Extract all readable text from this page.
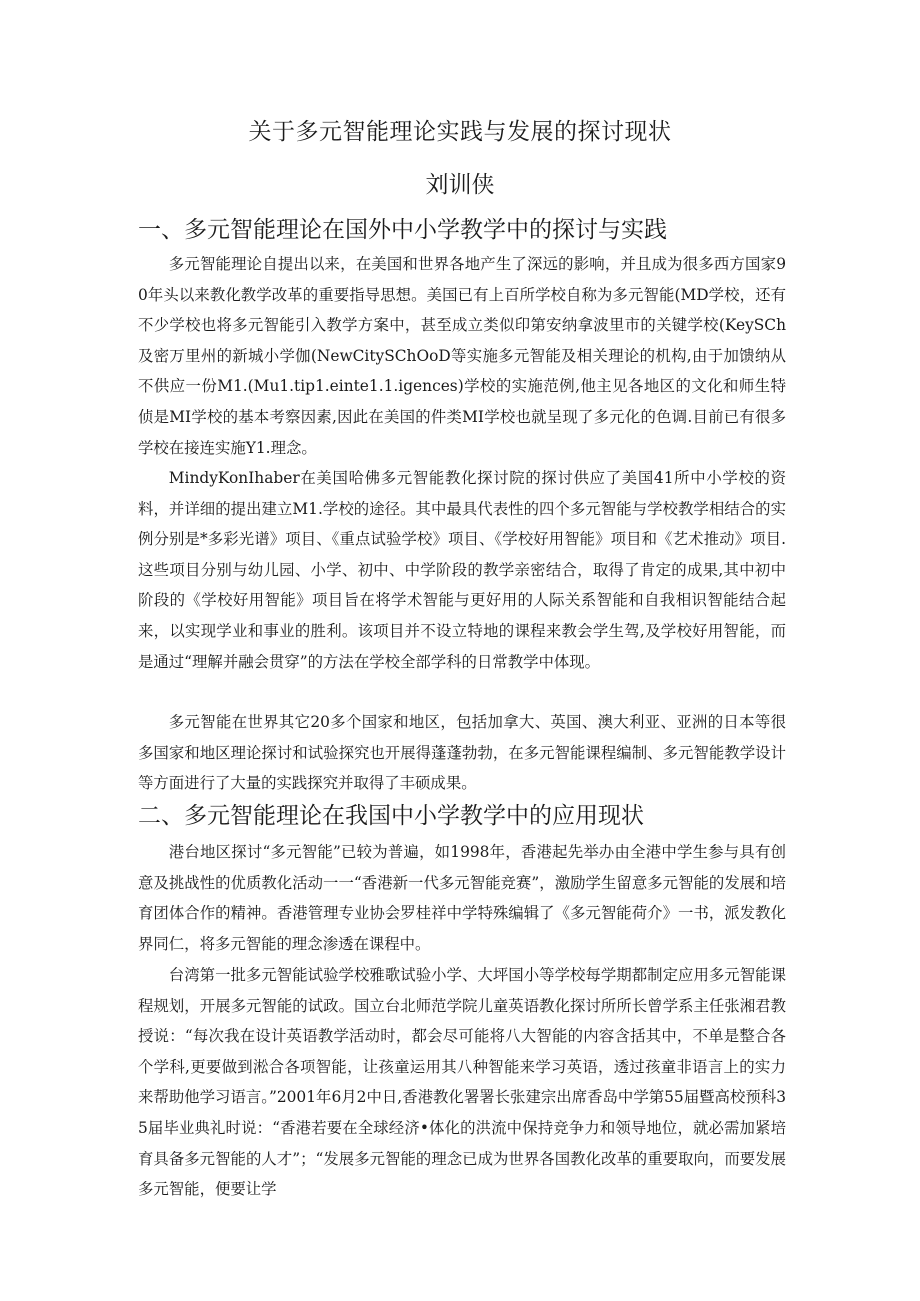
关于多元智能理论实践与发展的探讨现状
刘训侠
一、多元智能理论在国外中小学教学中的探讨与实践

多元智能理论自提出以来，在美国和世界各地产生了深远的影响，并且成为很多西方国家90年头以来教化教学改革的重要指导思想。美国已有上百所学校自称为多元智能(MD学校，还有不少学校也将多元智能引入教学方案中，甚至成立类似印第安纳拿波里市的关键学校(KeySCh及密万里州的新城小学伽(NewCitySChOoD等实施多元智能及相关理论的机构,由于加馈纳从不供应一份M1.(Mu1.tip1.einte1.1.igences)学校的实施范例,他主见各地区的文化和师生特侦是MI学校的基本考察因素,因此在美国的件类MI学校也就呈现了多元化的色调.目前已有很多学校在接连实施Y1.理念。

MindyKonIhaber在美国哈佛多元智能教化探讨院的探讨供应了美国41所中小学校的资料，并详细的提出建立M1.学校的途径。其中最具代表性的四个多元智能与学校教学相结合的实例分别是*多彩光谱》项目、《重点试验学校》项目、《学校好用智能》项目和《艺术推动》项目.这些项目分别与幼儿园、小学、初中、中学阶段的教学亲密结合，取得了肯定的成果,其中初中阶段的《学校好用智能》项目旨在将学术智能与更好用的人际关系智能和自我相识智能结合起来，以实现学业和事业的胜利。该项目并不设立特地的课程来教会学生驾,及学校好用智能，而是通过“理解并融会贯穿”的方法在学校全部学科的日常教学中体现。

多元智能在世界其它20多个国家和地区，包括加拿大、英国、澳大利亚、亚洲的日本等很多国家和地区理论探讨和试验探究也开展得蓬蓬勃勃，在多元智能课程编制、多元智能教学设计等方面进行了大量的实践探究并取得了丰硕成果。

二、多元智能理论在我国中小学教学中的应用现状

港台地区探讨“多元智能”已较为普遍，如1998年，香港起先举办由全港中学生参与具有创意及挑战性的优质教化活动一一“香港新一代多元智能竞赛”，激励学生留意多元智能的发展和培育团体合作的精神。香港管理专业协会罗桂祥中学特殊编辑了《多元智能荷介》一书，派发教化界同仁，将多元智能的理念渗透在课程中。

台湾第一批多元智能试验学校雅歌试验小学、大坪国小等学校每学期都制定应用多元智能课程规划，开展多元智能的试政。国立台北师范学院儿童英语教化探讨所所长曾学系主任张湘君教授说：“每次我在设计英语教学活动时，都会尽可能将八大智能的内容含括其中，不单是整合各个学科,更要做到淞合各项智能，让孩童运用其八种智能来学习英语，透过孩童非语言上的实力来帮助他学习语言。”2001年6月2中日,香港教化署署长张建宗出席香岛中学第55届暨高校预科35届毕业典礼时说：“香港若要在全球经济•体化的洪流中保持竞争力和领导地位，就必需加紧培育具备多元智能的人才”；“发展多元智能的理念已成为世界各国教化改革的重要取向，而要发展多元智能，便要让学
